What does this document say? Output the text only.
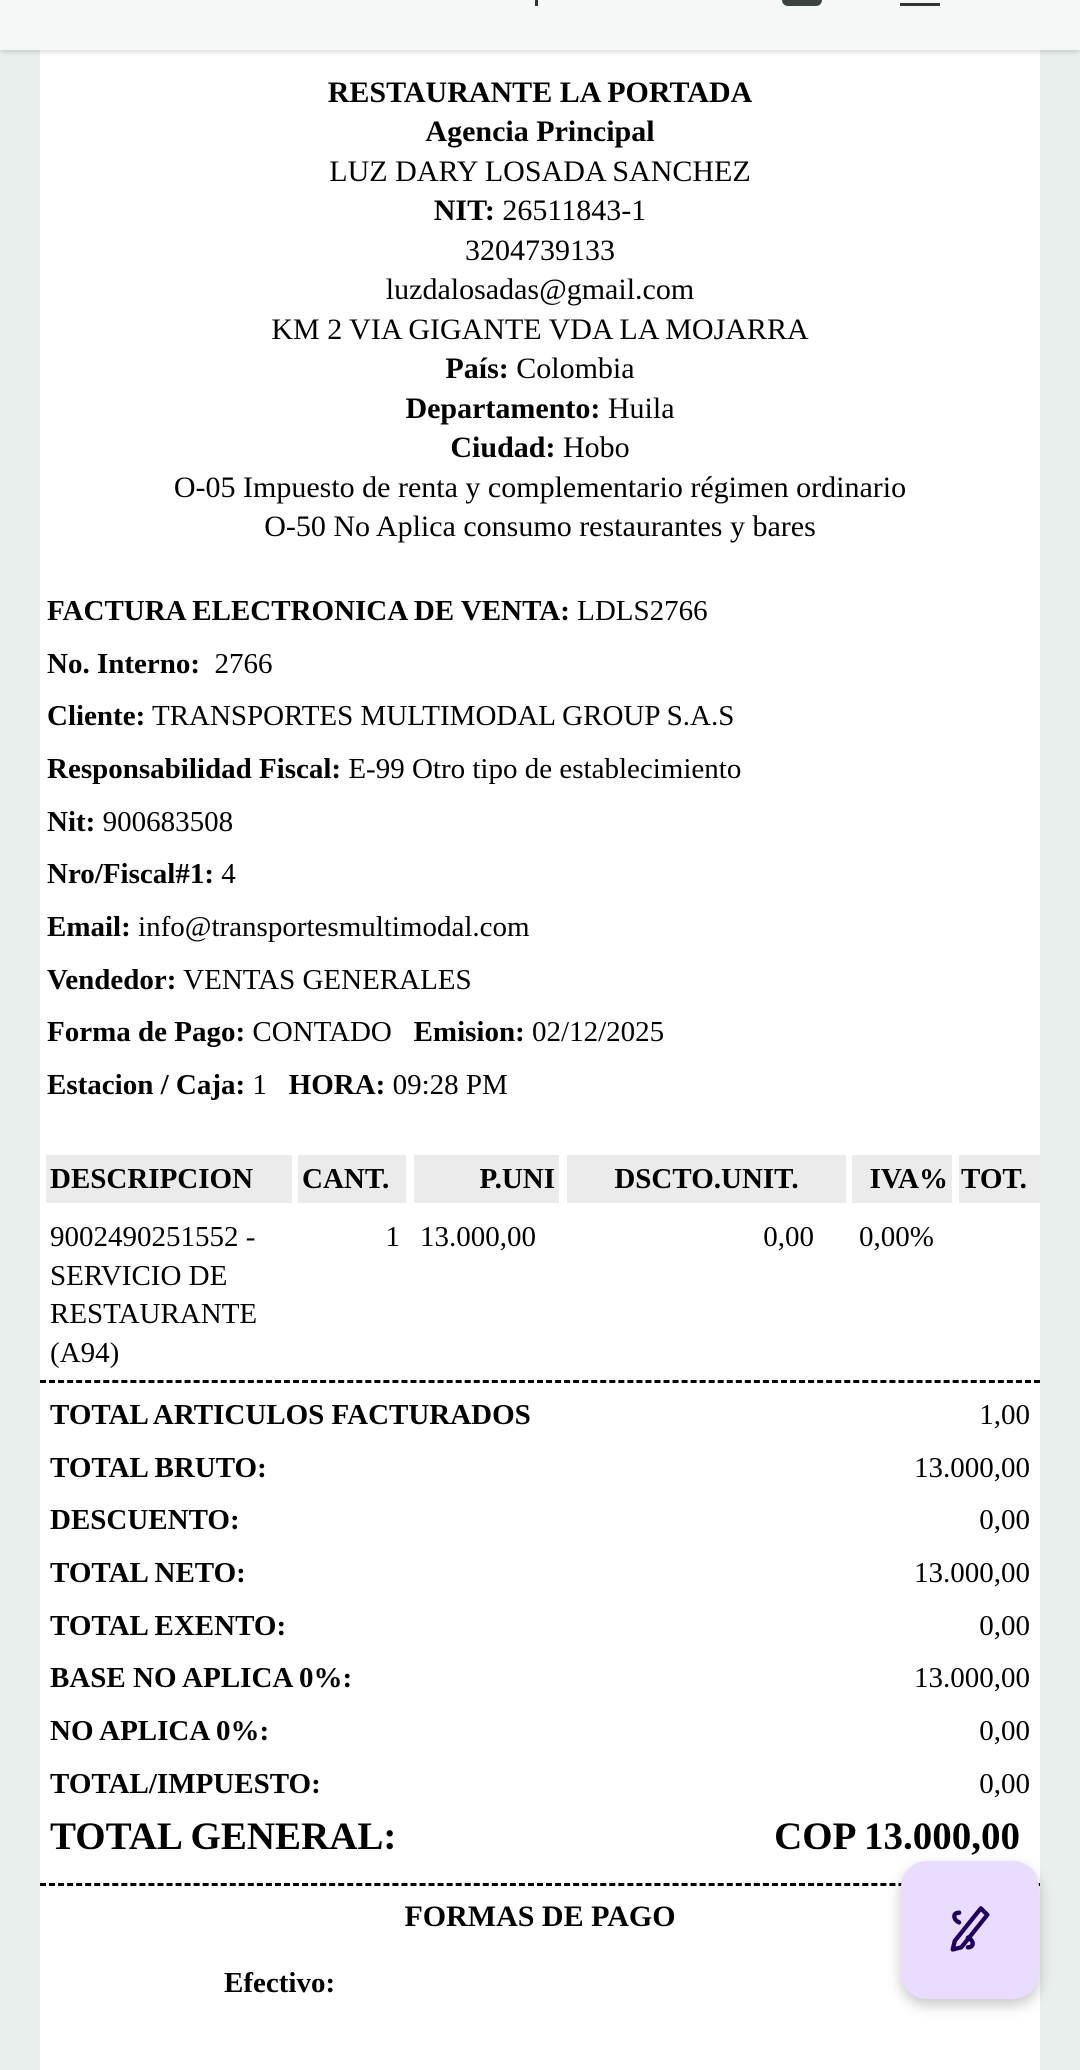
RESTAURANTE LA PORTADA
Agencia Principal
LUZ DARY LOSADA SANCHEZ
NIT: 26511843-1
3204739133
luzdalosadas@gmail.com
KM 2 VIA GIGANTE VDA LA MOJARRA
País: Colombia
Departamento: Huila
Ciudad: Hobo
O-05 Impuesto de renta y complementario régimen ordinario
O-50 No Aplica consumo restaurantes y bares
FACTURA ELECTRONICA DE VENTA: LDLS2766
No. Interno:  2766
Cliente: TRANSPORTES MULTIMODAL GROUP S.A.S
Responsabilidad Fiscal: E-99 Otro tipo de establecimiento
Nit: 900683508
Nro/Fiscal#1: 4
Email: info@transportesmultimodal.com
Vendedor: VENTAS GENERALES
Forma de Pago: CONTADO Emision: 02/12/2025
Estacion / Caja: 1 HORA: 09:28 PM
DESCRIPCION	CANT.	P.UNI	DSCTO.UNIT.	IVA% TOT.
9002490251552 -
SERVICIO DE
RESTAURANTE
(A94)
1 13.000,00	0,00 0,00%
TOTAL ARTICULOS FACTURADOS	1,00
TOTAL BRUTO:	13.000,00
DESCUENTO:	0,00
TOTAL NETO:	13.000,00
TOTAL EXENTO:	0,00
BASE NO APLICA 0%:	13.000,00
NO APLICA 0%:	0,00
TOTAL/IMPUESTO:	0,00
TOTAL GENERAL:	COP 13.000,00
FORMAS DE PAGO
Efectivo:
